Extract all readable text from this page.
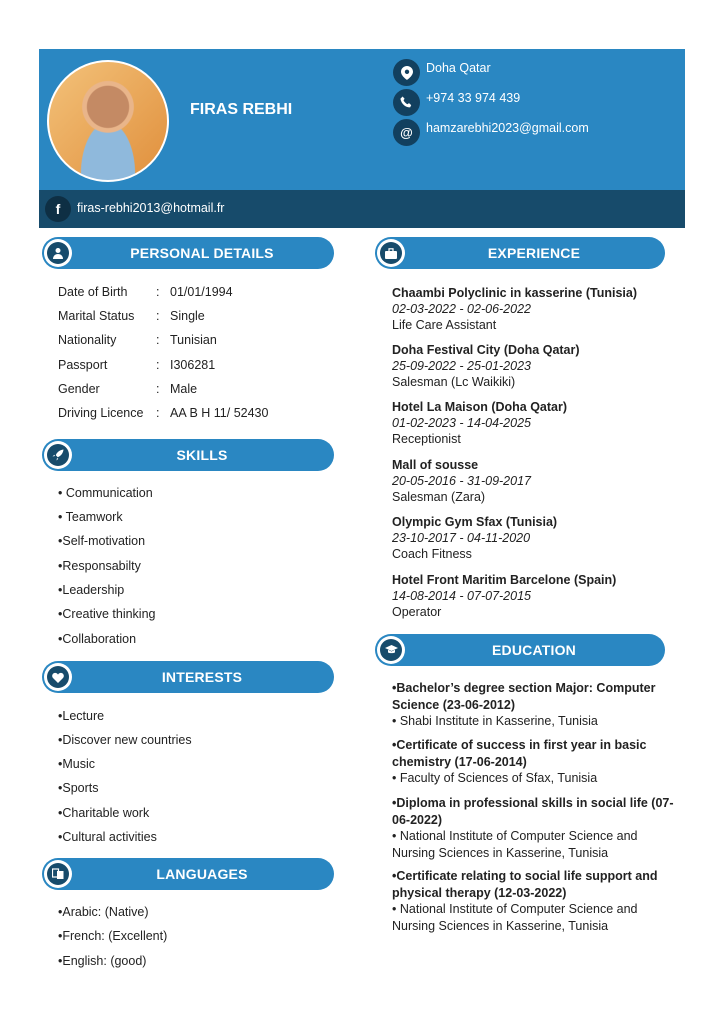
FIRAS REBHI
Doha Qatar
+974 33 974 439
@	hamzarebhi2023@gmail.com
f	firas-rebhi2013@hotmail.fr
PERSONAL DETAILS
Date of Birth	: 01/01/1994
Marital Status	: Single
Nationality	: Tunisian
Passport	: I306281
Gender	: Male
Driving Licence	: AA B H 11/ 52430
SKILLS
• Communication
• Teamwork
•Self-motivation
•Responsabilty
•Leadership
•Creative thinking
•Collaboration
INTERESTS
•Lecture
•Discover new countries
•Music
•Sports
•Charitable work
•Cultural activities
LANGUAGES
•Arabic: (Native)
•French: (Excellent)
•English: (good)
EXPERIENCE
Chaambi Polyclinic in kasserine (Tunisia)
02-03-2022 - 02-06-2022
Life Care Assistant
Doha Festival City (Doha Qatar)
25-09-2022 - 25-01-2023
Salesman (Lc Waikiki)
Hotel La Maison (Doha Qatar)
01-02-2023 - 14-04-2025
Receptionist
Mall of sousse
20-05-2016 - 31-09-2017
Salesman (Zara)
Olympic Gym Sfax (Tunisia)
23-10-2017 - 04-11-2020
Coach Fitness
Hotel Front Maritim Barcelone (Spain)
14-08-2014 - 07-07-2015
Operator
EDUCATION
•Bachelor’s degree section Major: Computer Science (23-06-2012)
• Shabi Institute in Kasserine, Tunisia
•Certificate of success in first year in basic chemistry (17-06-2014)
• Faculty of Sciences of Sfax, Tunisia
•Diploma in professional skills in social life (07-06-2022)
• National Institute of Computer Science and Nursing Sciences in Kasserine, Tunisia
•Certificate relating to social life support and physical therapy (12-03-2022)
• National Institute of Computer Science and Nursing Sciences in Kasserine, Tunisia
